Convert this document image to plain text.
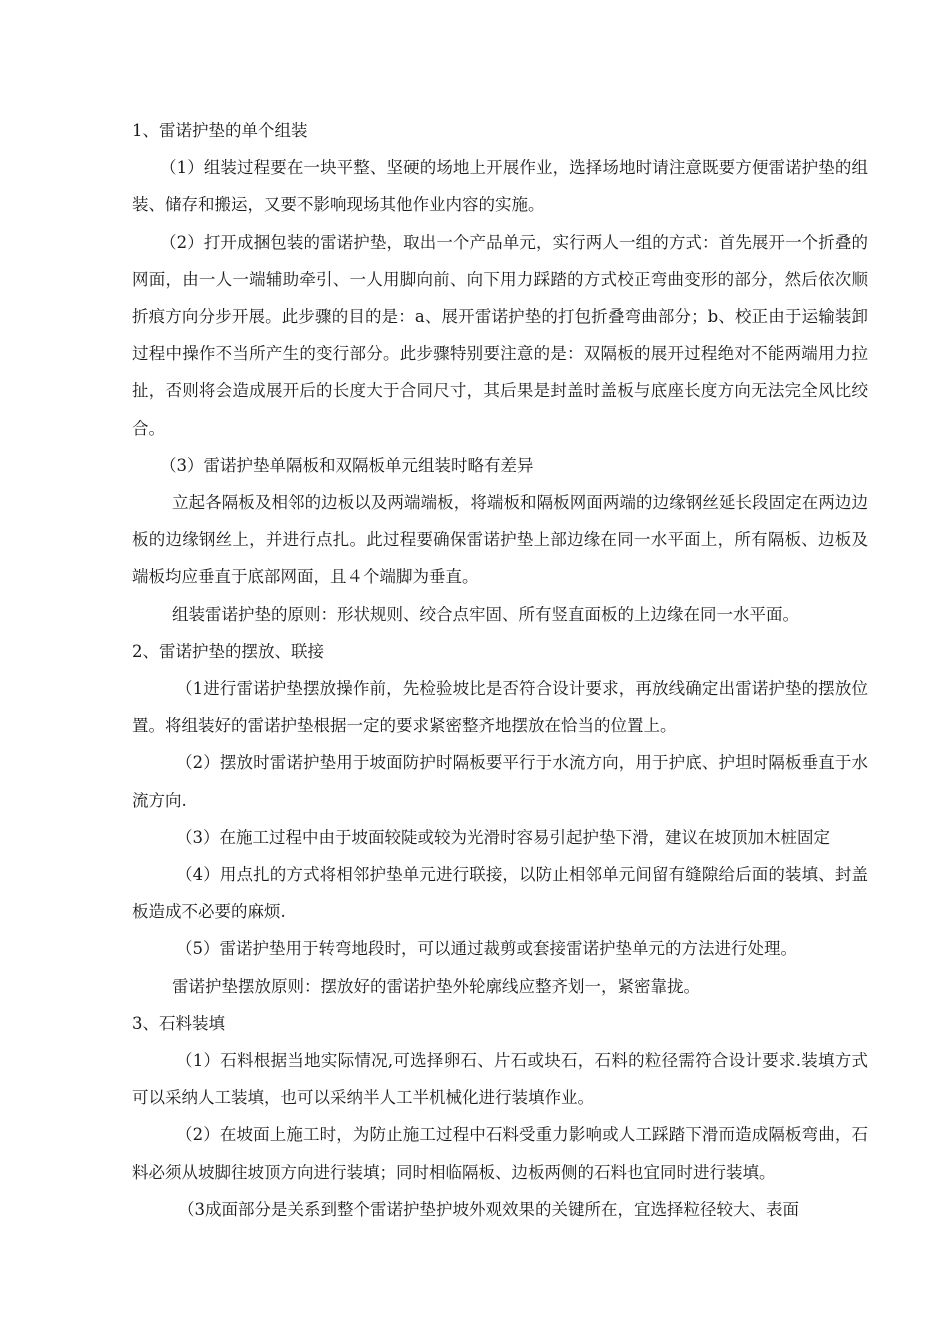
1、雷诺护垫的单个组装

（1）组装过程要在一块平整、坚硬的场地上开展作业，选择场地时请注意既要方便雷诺护垫的组装、储存和搬运，又要不影响现场其他作业内容的实施。

（2）打开成捆包装的雷诺护垫，取出一个产品单元，实行两人一组的方式：首先展开一个折叠的网面，由一人一端辅助牵引、一人用脚向前、向下用力踩踏的方式校正弯曲变形的部分，然后依次顺折痕方向分步开展。此步骤的目的是：a、展开雷诺护垫的打包折叠弯曲部分；b、校正由于运输装卸过程中操作不当所产生的变行部分。此步骤特别要注意的是：双隔板的展开过程绝对不能两端用力拉扯，否则将会造成展开后的长度大于合同尺寸，其后果是封盖时盖板与底座长度方向无法完全风比绞合。

（3）雷诺护垫单隔板和双隔板单元组装时略有差异

立起各隔板及相邻的边板以及两端端板，将端板和隔板网面两端的边缘钢丝延长段固定在两边边板的边缘钢丝上，并进行点扎。此过程要确保雷诺护垫上部边缘在同一水平面上，所有隔板、边板及端板均应垂直于底部网面，且４个端脚为垂直。

组装雷诺护垫的原则：形状规则、绞合点牢固、所有竖直面板的上边缘在同一水平面。

2、雷诺护垫的摆放、联接

（1进行雷诺护垫摆放操作前，先检验坡比是否符合设计要求，再放线确定出雷诺护垫的摆放位置。将组装好的雷诺护垫根据一定的要求紧密整齐地摆放在恰当的位置上。

（2）摆放时雷诺护垫用于坡面防护时隔板要平行于水流方向，用于护底、护坦时隔板垂直于水流方向.

（3）在施工过程中由于坡面较陡或较为光滑时容易引起护垫下滑，建议在坡顶加木桩固定

（4）用点扎的方式将相邻护垫单元进行联接，以防止相邻单元间留有缝隙给后面的装填、封盖板造成不必要的麻烦.

（5）雷诺护垫用于转弯地段时，可以通过裁剪或套接雷诺护垫单元的方法进行处理。

雷诺护垫摆放原则：摆放好的雷诺护垫外轮廓线应整齐划一，紧密靠拢。

3、石料装填

（1）石料根据当地实际情况,可选择卵石、片石或块石，石料的粒径需符合设计要求.装填方式可以采纳人工装填，也可以采纳半人工半机械化进行装填作业。

（2）在坡面上施工时，为防止施工过程中石料受重力影响或人工踩踏下滑而造成隔板弯曲，石料必须从坡脚往坡顶方向进行装填；同时相临隔板、边板两侧的石料也宜同时进行装填。

（3成面部分是关系到整个雷诺护垫护坡外观效果的关键所在，宜选择粒径较大、表面
